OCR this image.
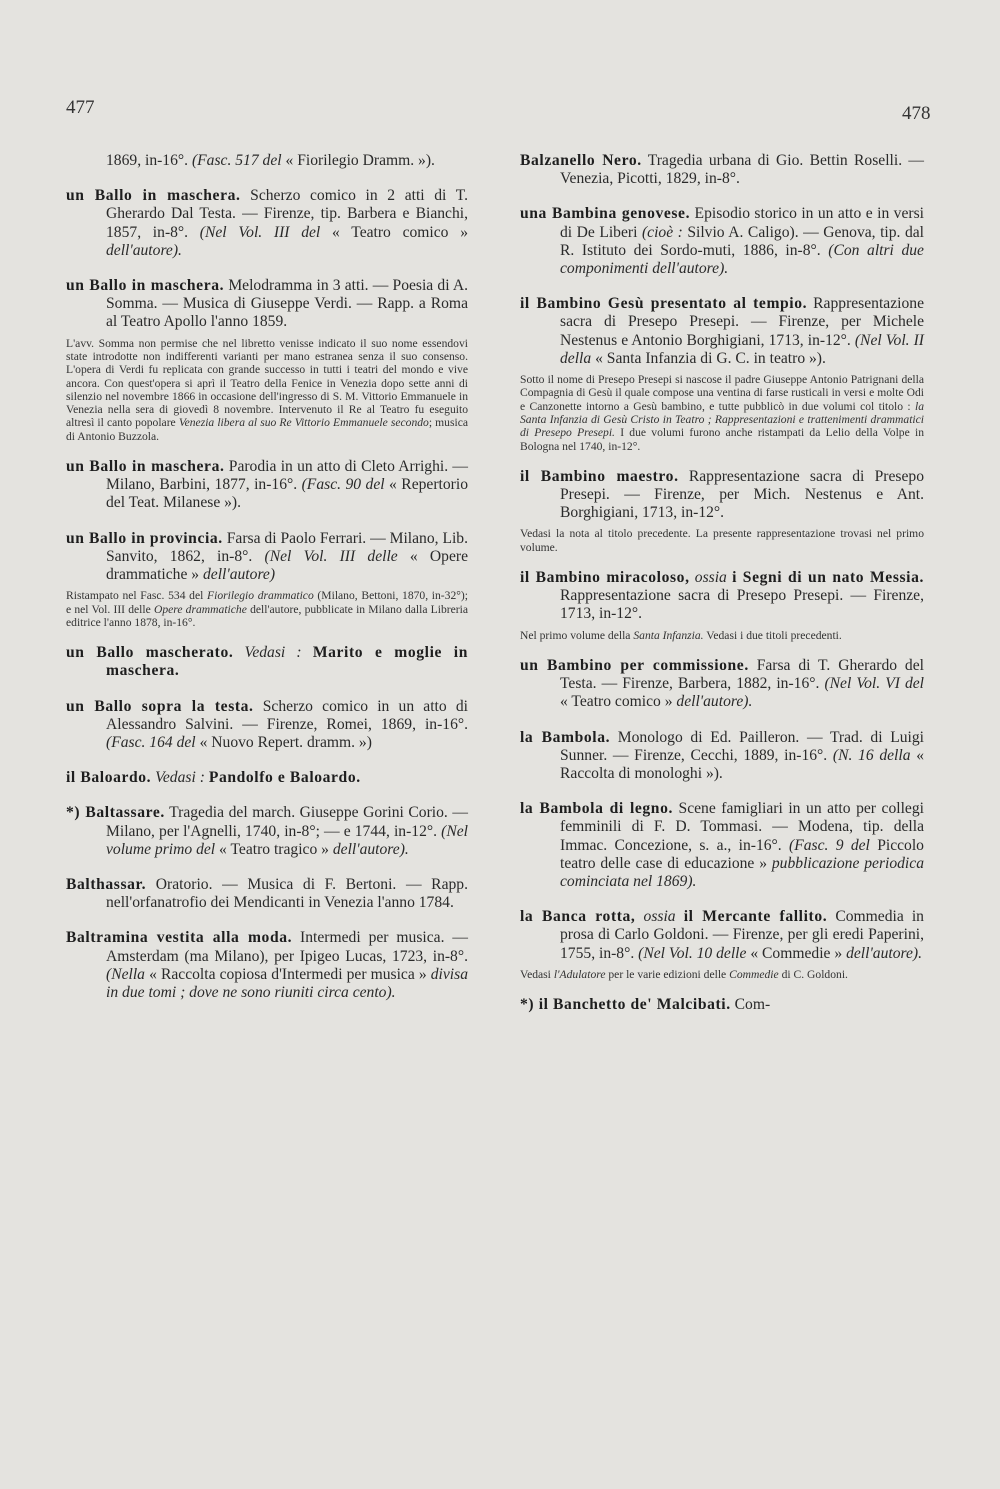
477	478

1869, in-16°. (Fasc. 517 del « Fiorilegio Dramm. »).

un Ballo in maschera. Scherzo comico in 2 atti di T. Gherardo Dal Testa. — Firenze, tip. Barbera e Bianchi, 1857, in-8°. (Nel Vol. III del « Teatro comico » dell'autore).

un Ballo in maschera. Melodramma in 3 atti. — Poesia di A. Somma. — Musica di Giuseppe Verdi. — Rapp. a Roma al Teatro Apollo l'anno 1859.

L'avv. Somma non permise che nel libretto venisse indicato il suo nome essendovi state introdotte non indifferenti varianti per mano estranea senza il suo consenso. L'opera di Verdi fu replicata con grande successo in tutti i teatri del mondo e vive ancora. Con quest'opera si aprì il Teatro della Fenice in Venezia dopo sette anni di silenzio nel novembre 1866 in occasione dell'ingresso di S. M. Vittorio Emmanuele in Venezia nella sera di giovedì 8 novembre. Intervenuto il Re al Teatro fu eseguito altresì il canto popolare Venezia libera al suo Re Vittorio Emmanuele secondo; musica di Antonio Buzzola.

un Ballo in maschera. Parodia in un atto di Cleto Arrighi. — Milano, Barbini, 1877, in-16°. (Fasc. 90 del « Repertorio del Teat. Milanese »).

un Ballo in provincia. Farsa di Paolo Ferrari. — Milano, Lib. Sanvito, 1862, in-8°. (Nel Vol. III delle « Opere drammatiche » dell'autore)

Ristampato nel Fasc. 534 del Fiorilegio drammatico (Milano, Bettoni, 1870, in-32°); e nel Vol. III delle Opere drammatiche dell'autore, pubblicate in Milano dalla Libreria editrice l'anno 1878, in-16°.

un Ballo mascherato. Vedasi : Marito e moglie in maschera.

un Ballo sopra la testa. Scherzo comico in un atto di Alessandro Salvini. — Firenze, Romei, 1869, in-16°. (Fasc. 164 del « Nuovo Repert. dramm. »)

il Baloardo. Vedasi : Pandolfo e Baloardo.

*) Baltassare. Tragedia del march. Giuseppe Gorini Corio. — Milano, per l'Agnelli, 1740, in-8°; — e 1744, in-12°. (Nel volume primo del « Teatro tragico » dell'autore).

Balthassar. Oratorio. — Musica di F. Bertoni. — Rapp. nell'orfanatrofio dei Mendicanti in Venezia l'anno 1784.

Baltramina vestita alla moda. Intermedi per musica. — Amsterdam (ma Milano), per Ipigeo Lucas, 1723, in-8°. (Nella « Raccolta copiosa d'Intermedi per musica » divisa in due tomi ; dove ne sono riuniti circa cento).

Balzanello Nero. Tragedia urbana di Gio. Bettin Roselli. — Venezia, Picotti, 1829, in-8°.

una Bambina genovese. Episodio storico in un atto e in versi di De Liberi (cioè : Silvio A. Caligo). — Genova, tip. dal R. Istituto dei Sordo-muti, 1886, in-8°. (Con altri due componimenti dell'autore).

il Bambino Gesù presentato al tempio. Rappresentazione sacra di Presepo Presepi. — Firenze, per Michele Nestenus e Antonio Borghigiani, 1713, in-12°. (Nel Vol. II della « Santa Infanzia di G. C. in teatro »).

Sotto il nome di Presepo Presepi si nascose il padre Giuseppe Antonio Patrignani della Compagnia di Gesù il quale compose una ventina di farse rusticali in versi e molte Odi e Canzonette intorno a Gesù bambino, e tutte pubblicò in due volumi col titolo : la Santa Infanzia di Gesù Cristo in Teatro ; Rappresentazioni e trattenimenti drammatici di Presepo Presepi. I due volumi furono anche ristampati da Lelio della Volpe in Bologna nel 1740, in-12°.

il Bambino maestro. Rappresentazione sacra di Presepo Presepi. — Firenze, per Mich. Nestenus e Ant. Borghigiani, 1713, in-12°.

Vedasi la nota al titolo precedente. La presente rappresentazione trovasi nel primo volume.

il Bambino miracoloso, ossia i Segni di un nato Messia. Rappresentazione sacra di Presepo Presepi. — Firenze, 1713, in-12°.

Nel primo volume della Santa Infanzia. Vedasi i due titoli precedenti.

un Bambino per commissione. Farsa di T. Gherardo del Testa. — Firenze, Barbera, 1882, in-16°. (Nel Vol. VI del « Teatro comico » dell'autore).

la Bambola. Monologo di Ed. Pailleron. — Trad. di Luigi Sunner. — Firenze, Cecchi, 1889, in-16°. (N. 16 della « Raccolta di monologhi »).

la Bambola di legno. Scene famigliari in un atto per collegi femminili di F. D. Tommasi. — Modena, tip. della Immac. Concezione, s. a., in-16°. (Fasc. 9 del Piccolo teatro delle case di educazione » pubblicazione periodica cominciata nel 1869).

la Banca rotta, ossia il Mercante fallito. Commedia in prosa di Carlo Goldoni. — Firenze, per gli eredi Paperini, 1755, in-8°. (Nel Vol. 10 delle « Commedie » dell'autore).

Vedasi l'Adulatore per le varie edizioni delle Commedie di C. Goldoni.

*) il Banchetto de' Malcibati. Com-
